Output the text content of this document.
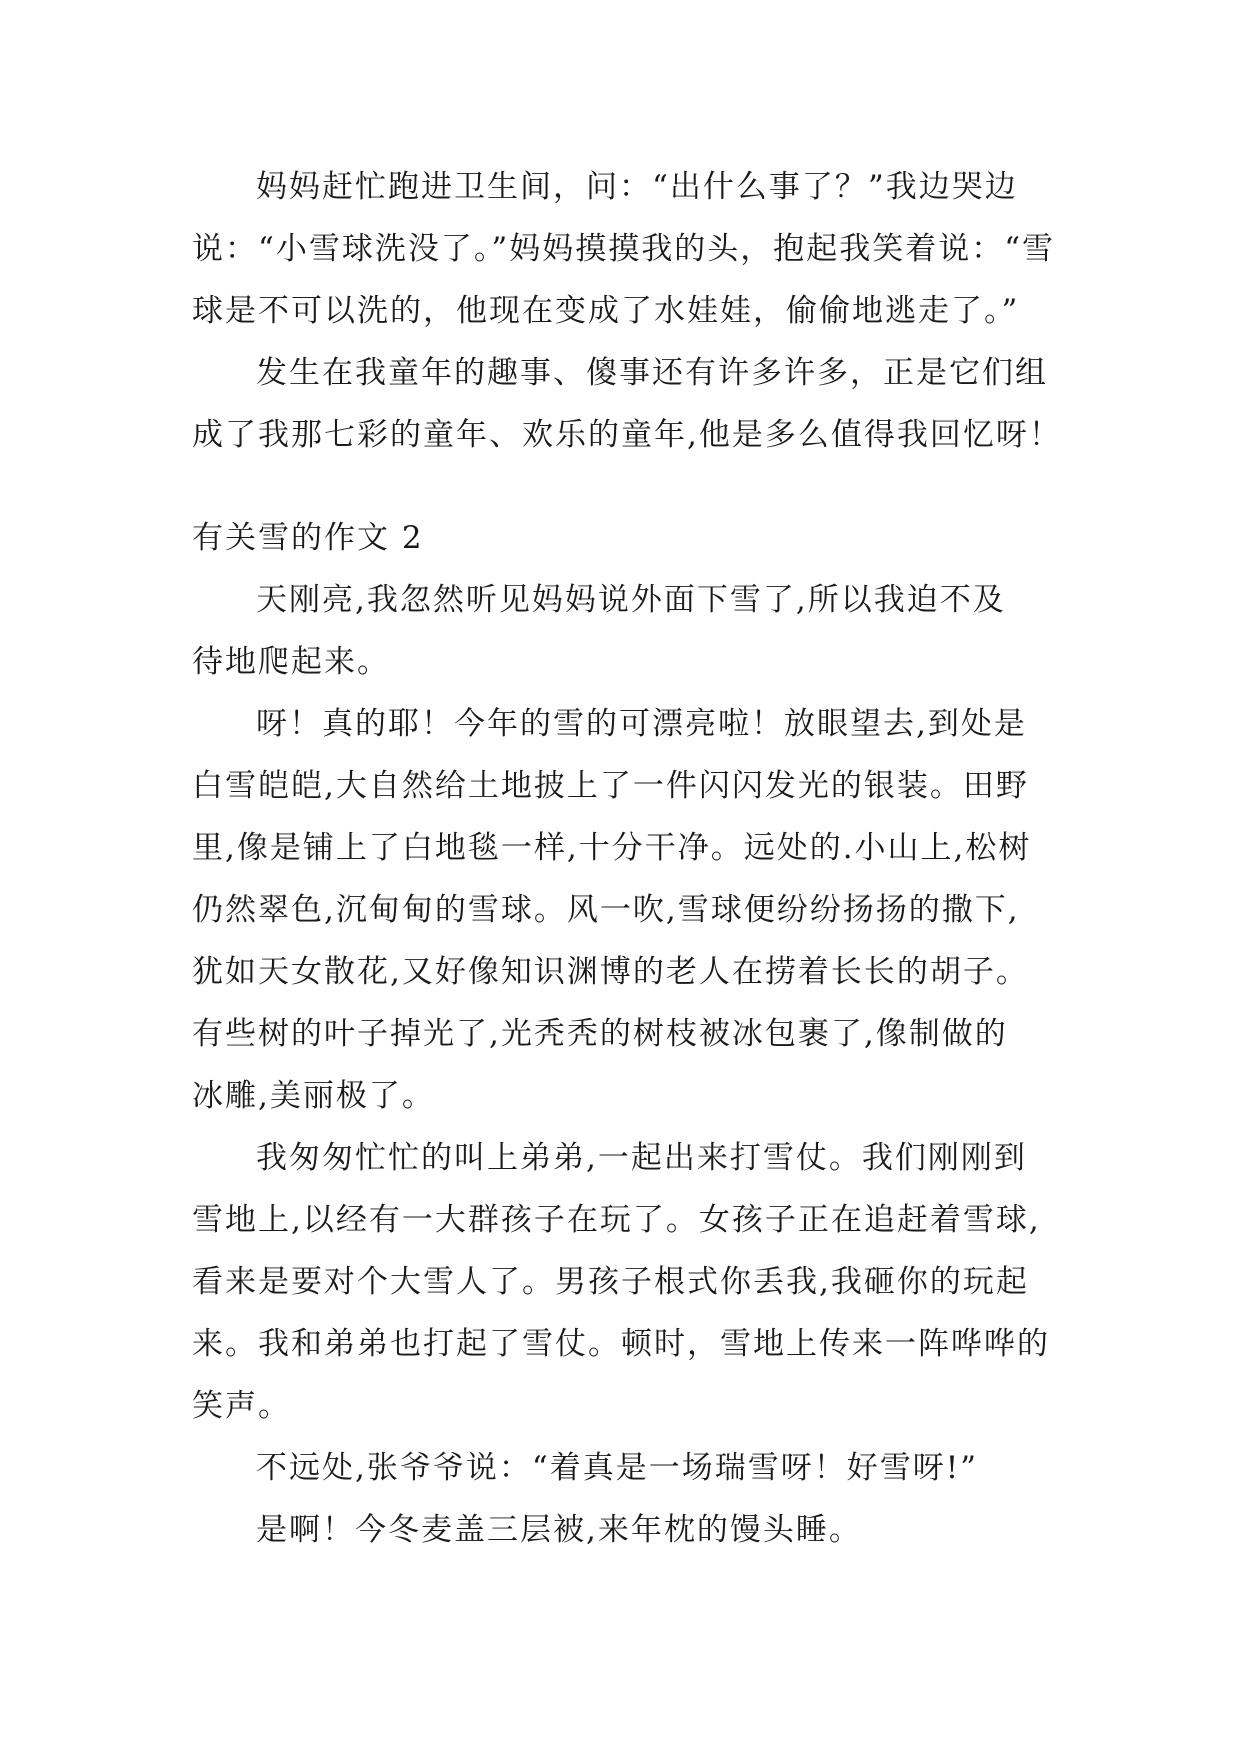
妈妈赶忙跑进卫生间，问：“出什么事了？”我边哭边
说：“小雪球洗没了。”妈妈摸摸我的头，抱起我笑着说：“雪
球是不可以洗的，他现在变成了水娃娃，偷偷地逃走了。”
发生在我童年的趣事、傻事还有许多许多，正是它们组
成了我那七彩的童年、欢乐的童年,他是多么值得我回忆呀！
有关雪的作文 2
天刚亮,我忽然听见妈妈说外面下雪了,所以我迫不及
待地爬起来。
呀！真的耶！今年的雪的可漂亮啦！放眼望去,到处是
白雪皑皑,大自然给土地披上了一件闪闪发光的银装。田野
里,像是铺上了白地毯一样,十分干净。远处的.小山上,松树
仍然翠色,沉甸甸的雪球。风一吹,雪球便纷纷扬扬的撒下,
犹如天女散花,又好像知识渊博的老人在捞着长长的胡子。
有些树的叶子掉光了,光秃秃的树枝被冰包裹了,像制做的
冰雕,美丽极了。
我匆匆忙忙的叫上弟弟,一起出来打雪仗。我们刚刚到
雪地上,以经有一大群孩子在玩了。女孩子正在追赶着雪球,
看来是要对个大雪人了。男孩子根式你丢我,我砸你的玩起
来。我和弟弟也打起了雪仗。顿时，雪地上传来一阵哗哗的
笑声。
不远处,张爷爷说：“着真是一场瑞雪呀！好雪呀!”
是啊！今冬麦盖三层被,来年枕的馒头睡。
